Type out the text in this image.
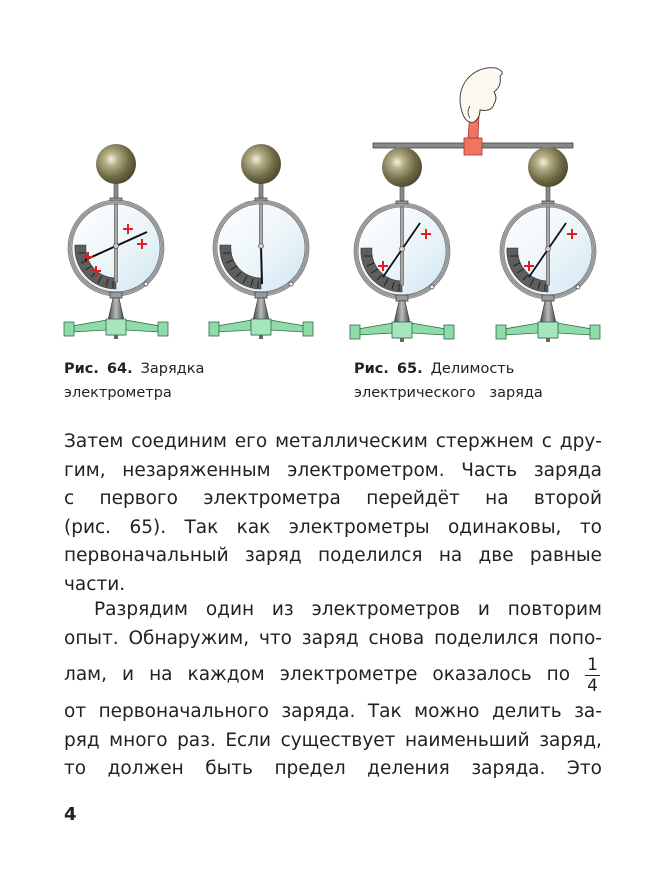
Рис. 64. Зарядка
электрометра
Рис. 65. Делимость
электрического   заряда
Затем соединим его металлическим стержнем с дру-
гим, незаряженным электрометром. Часть заряда
с первого электрометра перейдёт на второй
(рис. 65). Так как электрометры одинаковы, то
первоначальный заряд поделился на две равные
части.
Разрядим один из электрометров и повторим
опыт. Обнаружим, что заряд снова поделился попо-
лам, и на каждом электрометре оказалось по $\frac{1}{4}$
от первоначального заряда. Так можно делить за-
ряд много раз. Если существует наименьший заряд,
то должен быть предел деления заряда. Это
4
